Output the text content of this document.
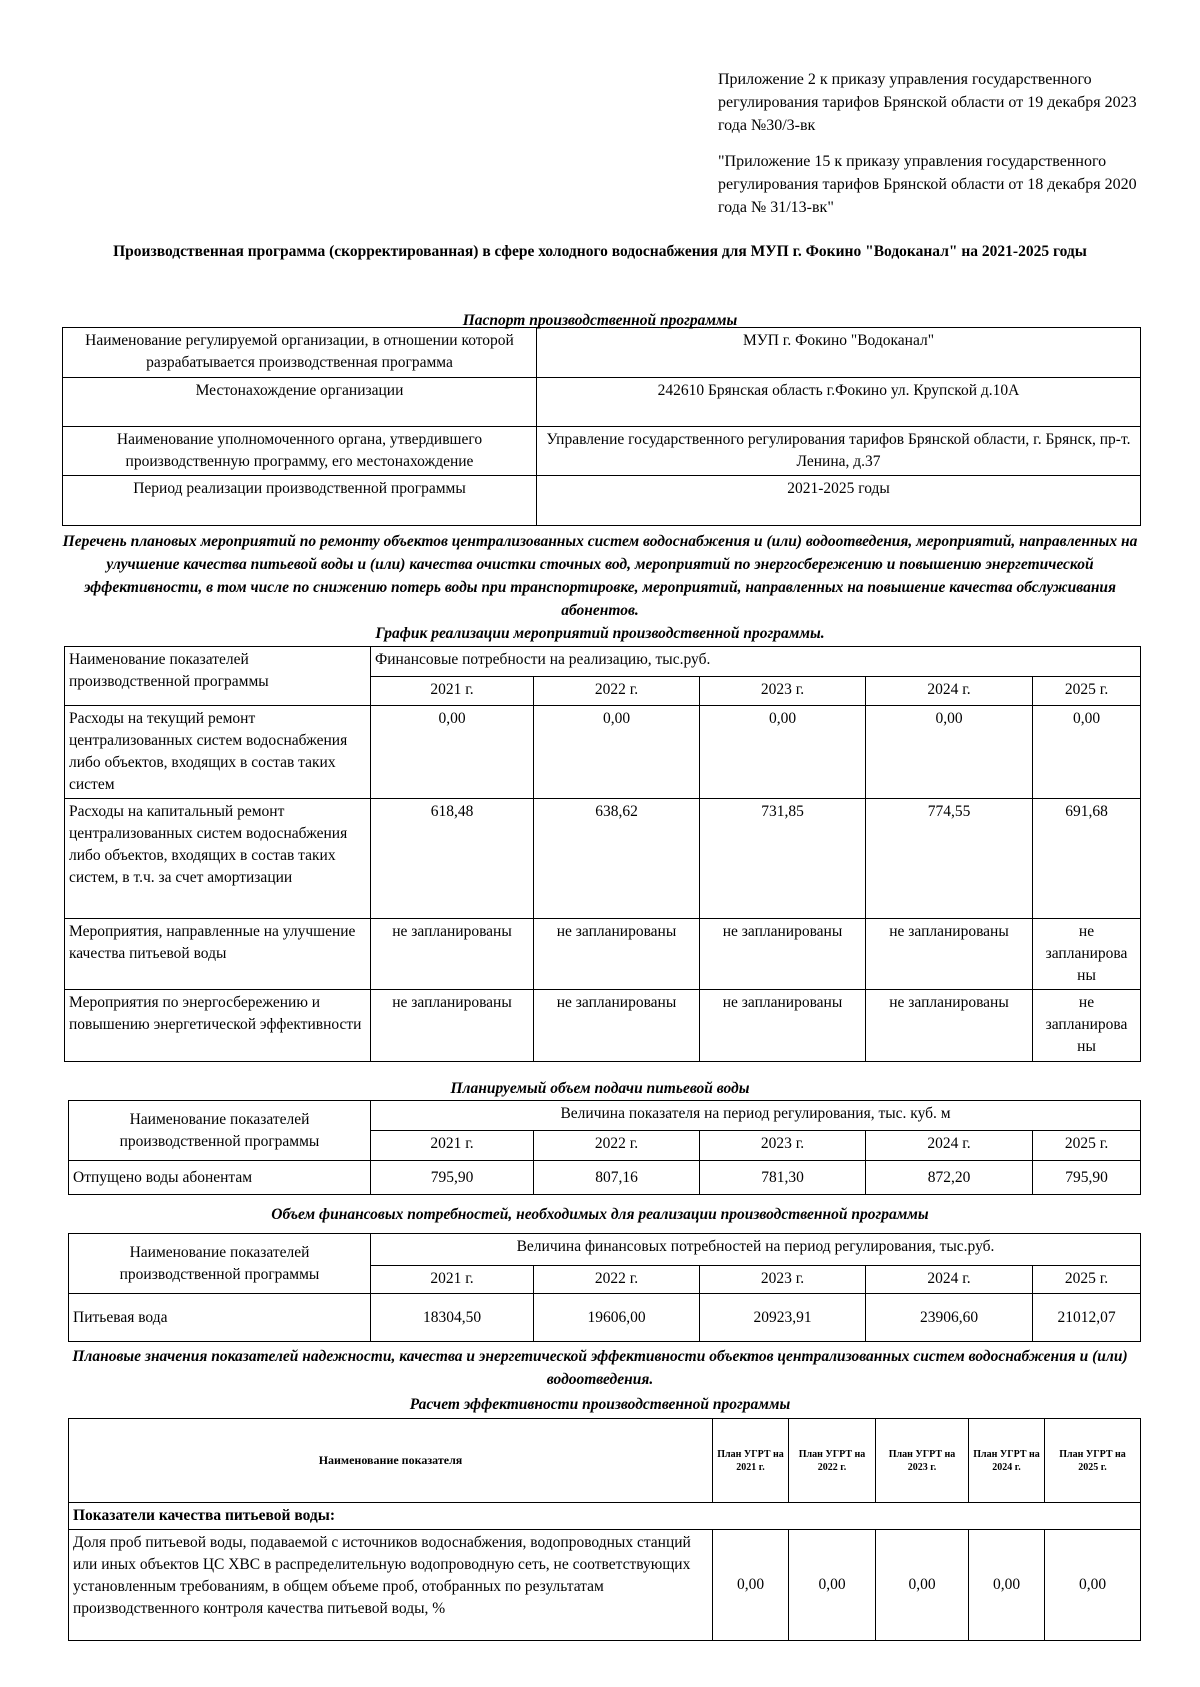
Приложение 2 к приказу управления государственного регулирования тарифов Брянской области от 19 декабря 2023 года №30/3-вк

"Приложение 15 к приказу управления государственного регулирования тарифов Брянской области от 18 декабря 2020 года № 31/13-вк"

Производственная программа (скорректированная) в сфере холодного водоснабжения для МУП г. Фокино "Водоканал" на 2021-2025 годы
Паспорт производственной программы
Наименование регулируемой организации, в отношении которой разрабатывается производственная программа	МУП г. Фокино "Водоканал"
Местонахождение организации	242610 Брянская область г.Фокино ул. Крупской д.10А
Наименование уполномоченного органа, утвердившего производственную программу, его местонахождение	Управление государственного регулирования тарифов Брянской области, г. Брянск, пр-т. Ленина, д.37
Период реализации производственной программы	2021-2025 годы
Перечень плановых мероприятий по ремонту объектов централизованных систем водоснабжения и (или) водоотведения, мероприятий, направленных на улучшение качества питьевой воды и (или) качества очистки сточных вод, мероприятий по энергосбережению и повышению энергетической эффективности, в том числе по снижению потерь воды при транспортировке, мероприятий, направленных на повышение качества обслуживания абонентов.
График реализации мероприятий производственной программы.
Наименование показателей производственной программы	Финансовые потребности на реализацию, тыс.руб.				
	2021 г.	2022 г.	2023 г.	2024 г.	2025 г.
Расходы на текущий ремонт централизованных систем водоснабжения либо объектов, входящих в состав таких систем	0,00	0,00	0,00	0,00	0,00
Расходы на капитальный ремонт централизованных систем водоснабжения либо объектов, входящих в состав таких систем, в т.ч. за счет амортизации	618,48	638,62	731,85	774,55	691,68
Мероприятия, направленные на улучшение качества питьевой воды	не запланированы	не запланированы	не запланированы	не запланированы	не запланирова ны
Мероприятия по энергосбережению и повышению энергетической эффективности	не запланированы	не запланированы	не запланированы	не запланированы	не запланирова ны
Планируемый объем подачи питьевой воды
Наименование показателей производственной программы	Величина показателя на период регулирования, тыс. куб. м				
	2021 г.	2022 г.	2023 г.	2024 г.	2025 г.
Отпущено воды абонентам	795,90	807,16	781,30	872,20	795,90
Объем финансовых потребностей, необходимых для реализации производственной программы
Наименование показателей производственной программы	Величина финансовых потребностей на период регулирования, тыс.руб.				
	2021 г.	2022 г.	2023 г.	2024 г.	2025 г.
Питьевая вода	18304,50	19606,00	20923,91	23906,60	21012,07
Плановые значения показателей надежности, качества и энергетической эффективности объектов централизованных систем водоснабжения и (или) водоотведения.
Расчет эффективности производственной программы
Наименование показателя	План УГРТ на 2021 г.	План УГРТ на 2022 г.	План УГРТ на 2023 г.	План УГРТ на 2024 г.	План УГРТ на 2025 г.
Показатели качества питьевой воды:					
Доля проб питьевой воды, подаваемой с источников водоснабжения, водопроводных станций или иных объектов ЦС ХВС в распределительную водопроводную сеть, не соответствующих установленным требованиям, в общем объеме проб, отобранных по результатам производственного контроля качества питьевой воды, %	0,00	0,00	0,00	0,00	0,00
